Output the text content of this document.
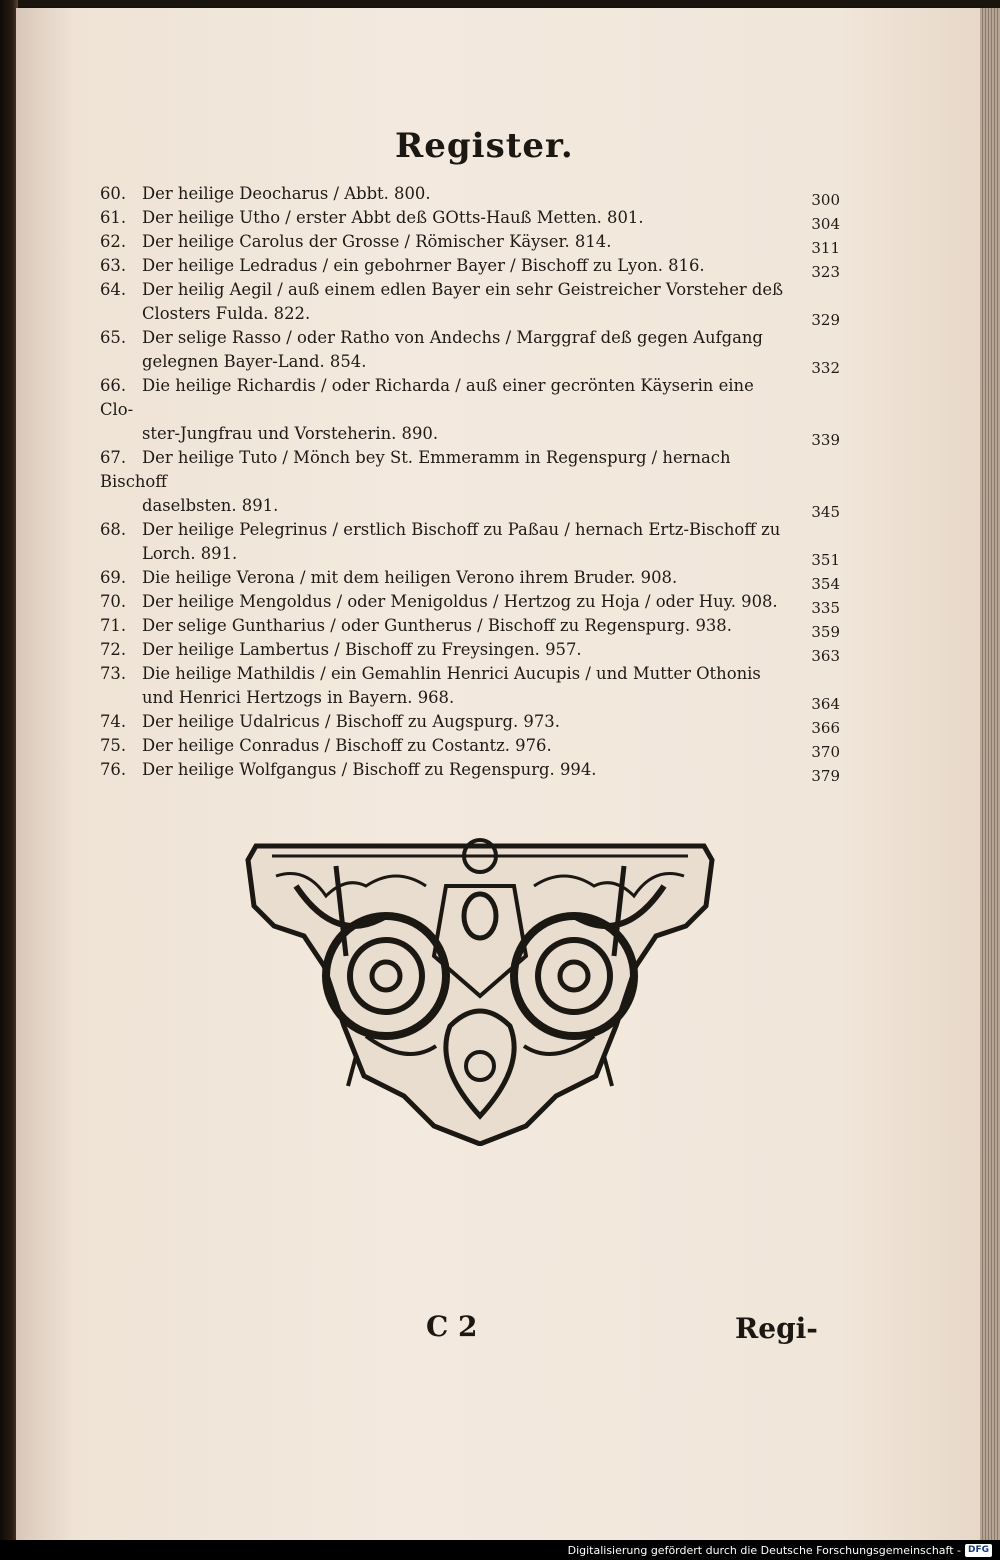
Register.
60. Der heilige Deocharus / Abbt. 800.	300
61. Der heilige Utho / erster Abbt deß GOtts-Hauß Metten. 801.	304
62. Der heilige Carolus der Grosse / Römischer Käyser. 814.	311
63. Der heilige Ledradus / ein gebohrner Bayer / Bischoff zu Lyon. 816.	323
64. Der heilig Aegil / auß einem edlen Bayer ein sehr Geistreicher Vorsteher deß
Closters Fulda. 822.	329
65. Der selige Rasso / oder Ratho von Andechs / Marggraf deß gegen Aufgang
gelegnen Bayer-Land. 854.	332
66. Die heilige Richardis / oder Richarda / auß einer gecrönten Käyserin eine Clo-
ster-Jungfrau und Vorsteherin. 890.	339
67. Der heilige Tuto / Mönch bey St. Emmeramm in Regenspurg / hernach Bischoff
daselbsten. 891.	345
68. Der heilige Pelegrinus / erstlich Bischoff zu Paßau / hernach Ertz-Bischoff zu
Lorch. 891.	351
69. Die heilige Verona / mit dem heiligen Verono ihrem Bruder. 908.	354
70. Der heilige Mengoldus / oder Menigoldus / Hertzog zu Hoja / oder Huy. 908. 335
71. Der selige Guntharius / oder Guntherus / Bischoff zu Regenspurg. 938.	359
72. Der heilige Lambertus / Bischoff zu Freysingen. 957.	363
73. Die heilige Mathildis / ein Gemahlin Henrici Aucupis / und Mutter Othonis
und Henrici Hertzogs in Bayern. 968.	364
74. Der heilige Udalricus / Bischoff zu Augspurg. 973.	366
75. Der heilige Conradus / Bischoff zu Costantz. 976.	370
76. Der heilige Wolfgangus / Bischoff zu Regenspurg. 994.	379
C 2	Regi-
Digitalisierung gefördert durch die Deutsche Forschungsgemeinschaft - DFG
